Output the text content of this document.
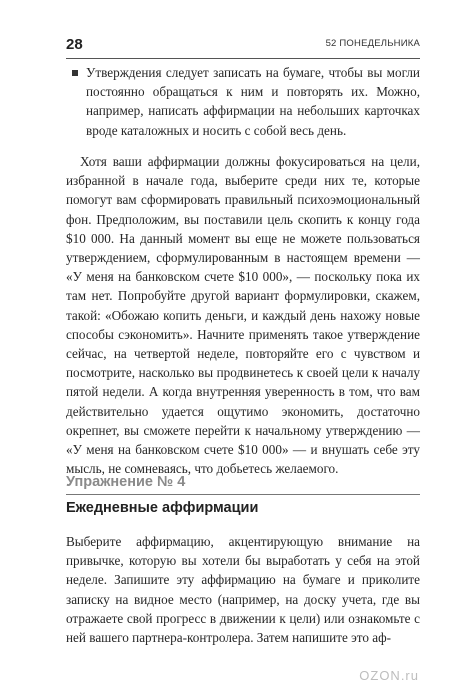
28	52 ПОНЕДЕЛЬНИКА

Утверждения следует записать на бумаге, чтобы вы могли постоянно обращаться к ним и повторять их. Можно, например, написать аффирмации на небольших карточках вроде каталожных и носить с собой весь день.

Хотя ваши аффирмации должны фокусироваться на цели, избранной в начале года, выберите среди них те, которые помогут вам сформировать правильный психоэмоциональный фон. Предположим, вы поставили цель скопить к концу года $10 000. На данный момент вы еще не можете пользоваться утверждением, сформулированным в настоящем времени — «У меня на банковском счете $10 000», — поскольку пока их там нет. Попробуйте другой вариант формулировки, скажем, такой: «Обожаю копить деньги, и каждый день нахожу новые способы сэкономить». Начните применять такое утверждение сейчас, на четвертой неделе, повторяйте его с чувством и посмотрите, насколько вы продвинетесь к своей цели к началу пятой недели. А когда внутренняя уверенность в том, что вам действительно удается ощутимо экономить, достаточно окрепнет, вы сможете перейти к начальному утверждению — «У меня на банковском счете $10 000» — и внушать себе эту мысль, не сомневаясь, что добьетесь желаемого.

Упражнение № 4
Ежедневные аффирмации

Выберите аффирмацию, акцентирующую внимание на привычке, которую вы хотели бы выработать у себя на этой неделе. Запишите эту аффирмацию на бумаге и приколите записку на видное место (например, на доску учета, где вы отражаете свой прогресс в движении к цели) или ознакомьте с ней вашего партнера-контролера. Затем напишите это аф-

OZON.ru
